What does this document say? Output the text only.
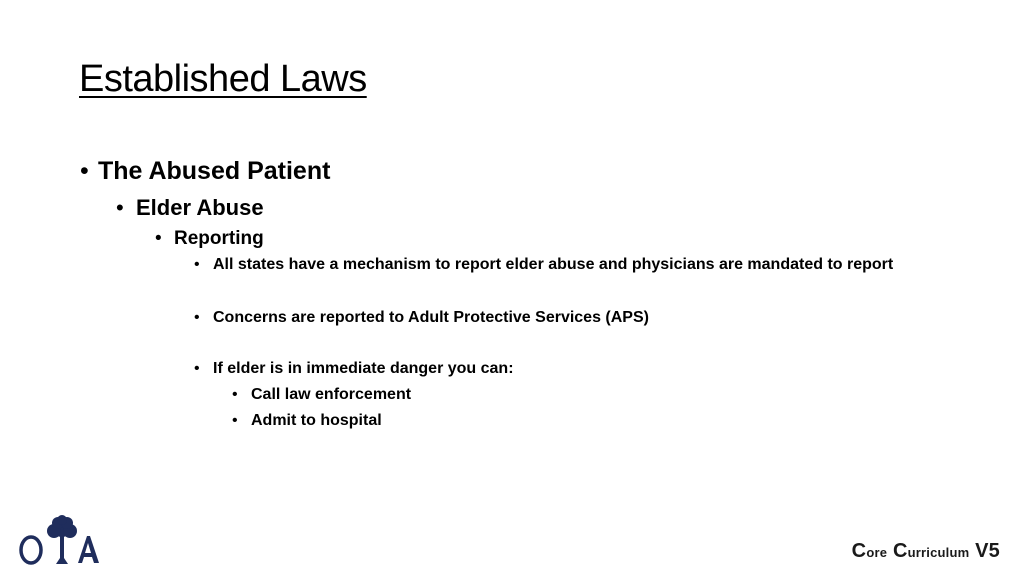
Established Laws
• The Abused Patient
• Elder Abuse
• Reporting
• All states have a mechanism to report elder abuse and physicians are mandated to report
• Concerns are reported to Adult Protective Services (APS)
• If elder is in immediate danger you can:
• Call law enforcement
• Admit to hospital
Core Curriculum V5
